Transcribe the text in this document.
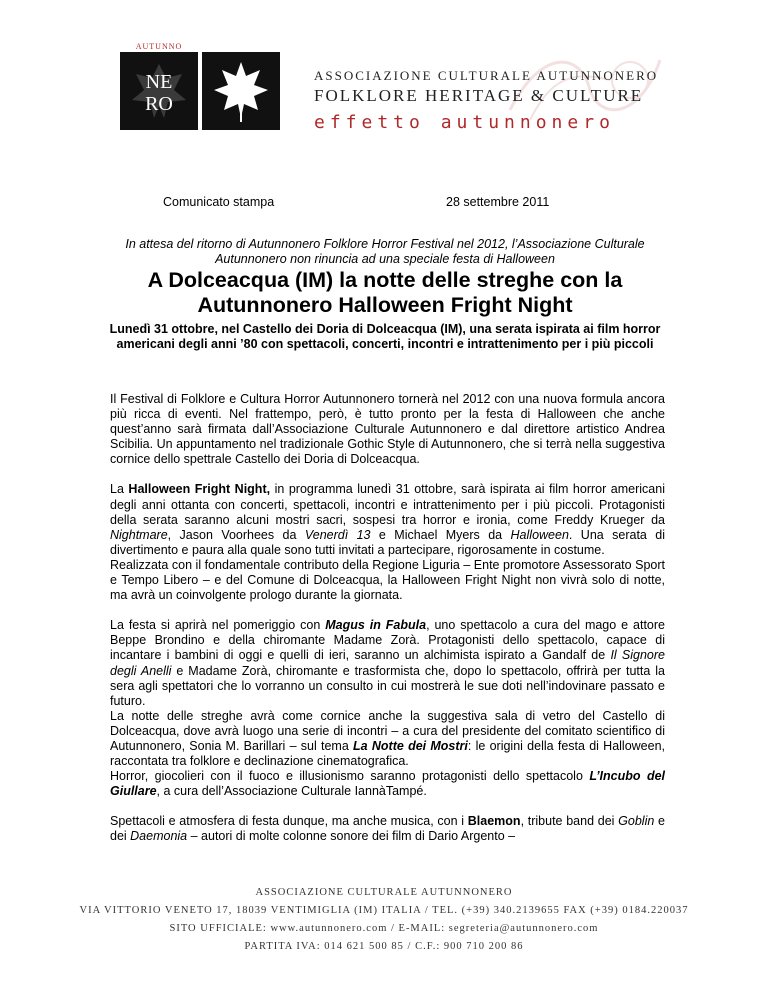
NE
RO
AUTUNNO
ASSOCIAZIONE CULTURALE AUTUNNONERO
FOLKLORE HERITAGE & CULTURE
effetto autunnonero
Comunicato stampa	28 settembre 2011
In attesa del ritorno di Autunnonero Folklore Horror Festival nel 2012, l’Associazione Culturale Autunnonero non rinuncia ad una speciale festa di Halloween
A Dolceacqua (IM) la notte delle streghe con la Autunnonero Halloween Fright Night
Lunedì 31 ottobre, nel Castello dei Doria di Dolceacqua (IM), una serata ispirata ai film horror americani degli anni ’80 con spettacoli, concerti, incontri e intrattenimento per i più piccoli

Il Festival di Folklore e Cultura Horror Autunnonero tornerà nel 2012 con una nuova formula ancora più ricca di eventi. Nel frattempo, però, è tutto pronto per la festa di Halloween che anche quest’anno sarà firmata dall’Associazione Culturale Autunnonero e dal direttore artistico Andrea Scibilia. Un appuntamento nel tradizionale Gothic Style di Autunnonero, che si terrà nella suggestiva cornice dello spettrale Castello dei Doria di Dolceacqua.

La Halloween Fright Night, in programma lunedì 31 ottobre, sarà ispirata ai film horror americani degli anni ottanta con concerti, spettacoli, incontri e intrattenimento per i più piccoli. Protagonisti della serata saranno alcuni mostri sacri, sospesi tra horror e ironia, come Freddy Krueger da Nightmare, Jason Voorhees da Venerdì 13 e Michael Myers da Halloween. Una serata di divertimento e paura alla quale sono tutti invitati a partecipare, rigorosamente in costume.

Realizzata con il fondamentale contributo della Regione Liguria – Ente promotore Assessorato Sport e Tempo Libero – e del Comune di Dolceacqua, la Halloween Fright Night non vivrà solo di notte, ma avrà un coinvolgente prologo durante la giornata.

La festa si aprirà nel pomeriggio con Magus in Fabula, uno spettacolo a cura del mago e attore Beppe Brondino e della chiromante Madame Zorà. Protagonisti dello spettacolo, capace di incantare i bambini di oggi e quelli di ieri, saranno un alchimista ispirato a Gandalf de Il Signore degli Anelli e Madame Zorà, chiromante e trasformista che, dopo lo spettacolo, offrirà per tutta la sera agli spettatori che lo vorranno un consulto in cui mostrerà le sue doti nell’indovinare passato e futuro.

La notte delle streghe avrà come cornice anche la suggestiva sala di vetro del Castello di Dolceacqua, dove avrà luogo una serie di incontri – a cura del presidente del comitato scientifico di Autunnonero, Sonia M. Barillari – sul tema La Notte dei Mostri: le origini della festa di Halloween, raccontata tra folklore e declinazione cinematografica.

Horror, giocolieri con il fuoco e illusionismo saranno protagonisti dello spettacolo L’Incubo del Giullare, a cura dell’Associazione Culturale IannàTampé.

Spettacoli e atmosfera di festa dunque, ma anche musica, con i Blaemon, tribute band dei Goblin e dei Daemonia – autori di molte colonne sonore dei film di Dario Argento –

ASSOCIAZIONE CULTURALE AUTUNNONERO
VIA VITTORIO VENETO 17, 18039 VENTIMIGLIA (IM) ITALIA / TEL. (+39) 340.2139655 FAX (+39) 0184.220037
SITO UFFICIALE: www.autunnonero.com / E-MAIL: segreteria@autunnonero.com
PARTITA IVA: 014 621 500 85 / C.F.: 900 710 200 86
